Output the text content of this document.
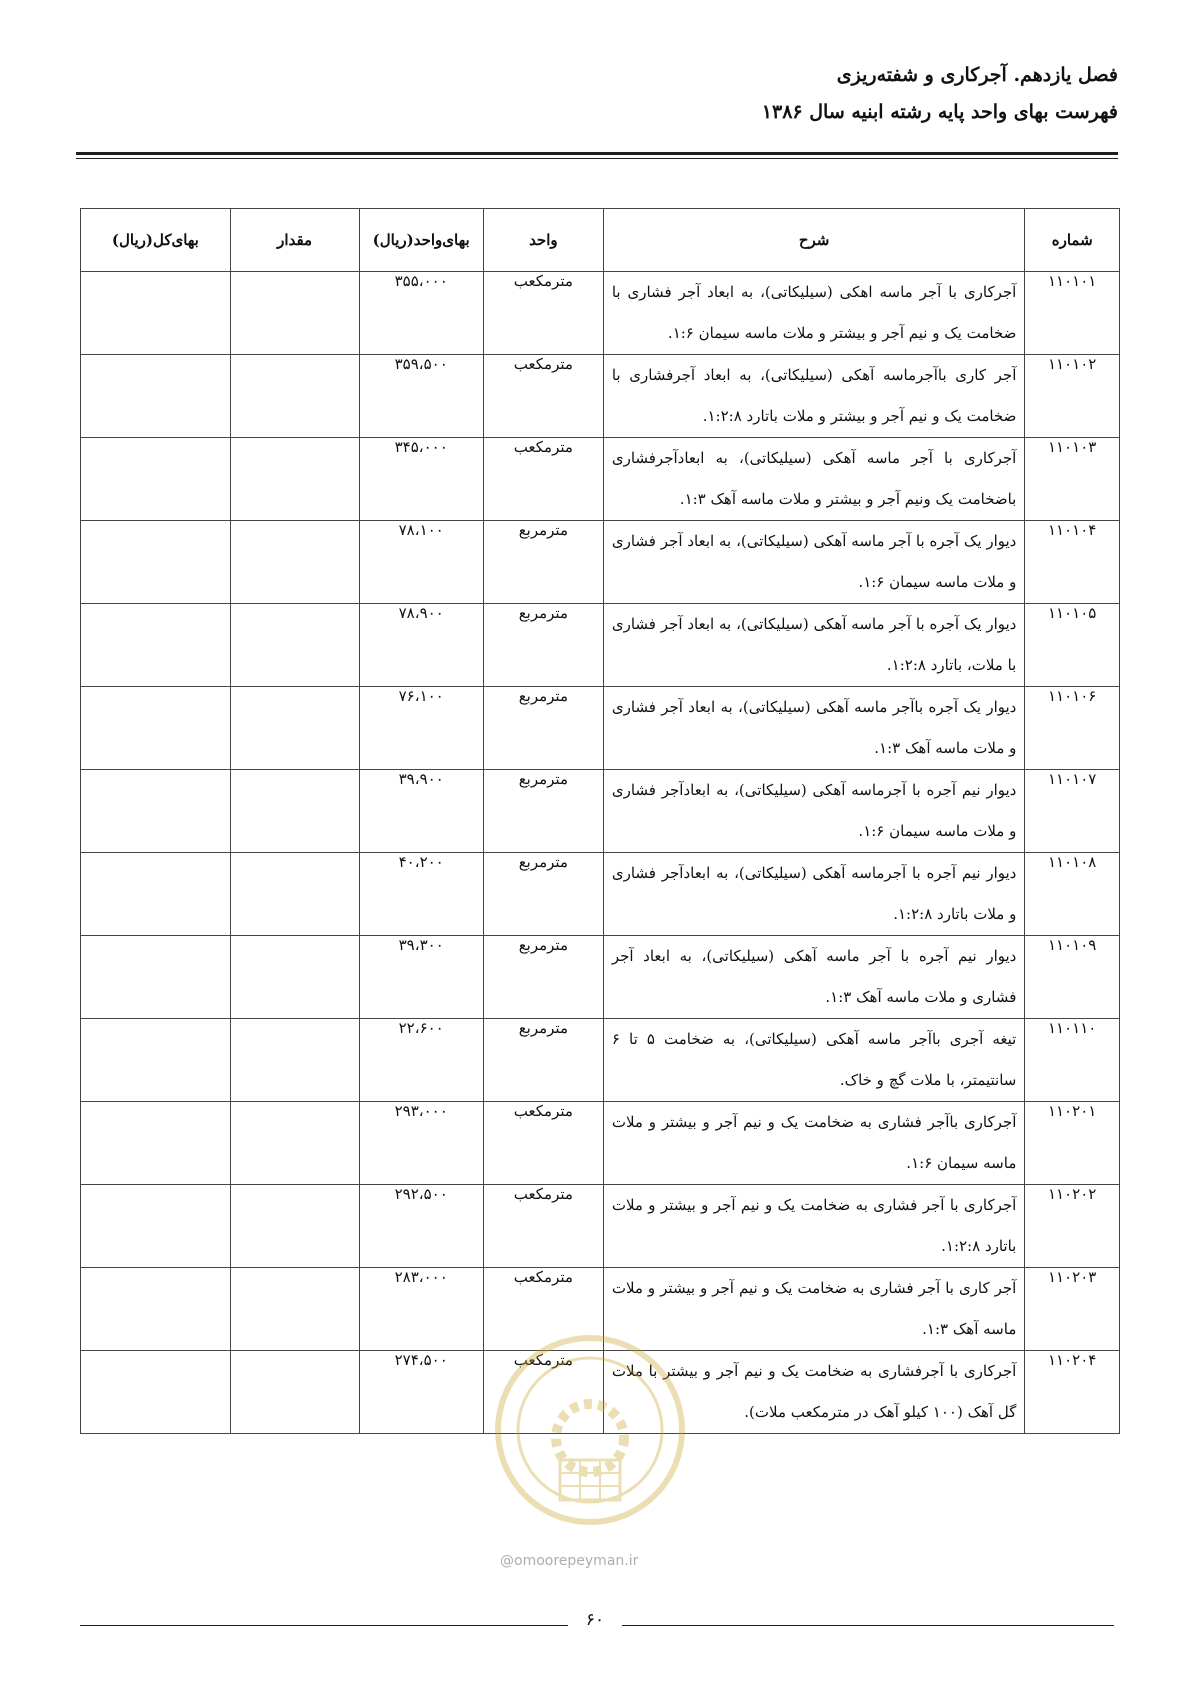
فصل یازدهم. آجرکاری و شفته‌ریزی
فهرست بهای واحد پایه رشته ابنیه سال ۱۳۸۶
شماره	شرح	واحد	بهای‌واحد(ریال)	مقدار	بهای‌کل(ریال)
۱۱۰۱۰۱	آجرکاری با آجر ماسه اهکی (سیلیکاتی)، به ابعاد آجر فشاری با ضخامت یک و نیم آجر و بیشتر و ملات ماسه سیمان ۱:۶.	مترمکعب	۳۵۵،۰۰۰		
۱۱۰۱۰۲	آجر کاری باآجرماسه آهکی (سیلیکاتی)، به ابعاد آجرفشاری با ضخامت یک و نیم آجر و بیشتر و ملات باتارد ۱:۲:۸.	مترمکعب	۳۵۹،۵۰۰		
۱۱۰۱۰۳	آجرکاری با آجر ماسه آهکی (سیلیکاتی)، به ابعادآجرفشاری باضخامت یک ونیم آجر و بیشتر و ملات ماسه آهک ۱:۳.	مترمکعب	۳۴۵،۰۰۰		
۱۱۰۱۰۴	دیوار یک آجره با آجر ماسه آهکی (سیلیکاتی)، به ابعاد آجر فشاری و ملات ماسه سیمان ۱:۶.	مترمربع	۷۸،۱۰۰		
۱۱۰۱۰۵	دیوار یک آجره با آجر ماسه آهکی (سیلیکاتی)، به ابعاد آجر فشاری با ملات، باتارد ۱:۲:۸.	مترمربع	۷۸،۹۰۰		
۱۱۰۱۰۶	دیوار یک آجره باآجر ماسه آهکی (سیلیکاتی)، به ابعاد آجر فشاری و ملات ماسه آهک ۱:۳.	مترمربع	۷۶،۱۰۰		
۱۱۰۱۰۷	دیوار نیم آجره با آجرماسه آهکی (سیلیکاتی)، به ابعادآجر فشاری و ملات ماسه سیمان ۱:۶.	مترمربع	۳۹،۹۰۰		
۱۱۰۱۰۸	دیوار نیم آجره با آجرماسه آهکی (سیلیکاتی)، به ابعادآجر فشاری و ملات باتارد ۱:۲:۸.	مترمربع	۴۰،۲۰۰		
۱۱۰۱۰۹	دیوار نیم آجره با آجر ماسه آهکی (سیلیکاتی)، به ابعاد آجر فشاری و ملات ماسه آهک ۱:۳.	مترمربع	۳۹،۳۰۰		
۱۱۰۱۱۰	تیغه آجری باآجر ماسه آهکی (سیلیکاتی)، به ضخامت ۵ تا ۶ سانتیمتر، با ملات گچ و خاک.	مترمربع	۲۲،۶۰۰		
۱۱۰۲۰۱	آجرکاری باآجر فشاری به ضخامت یک و نیم آجر و بیشتر و ملات ماسه سیمان ۱:۶.	مترمکعب	۲۹۳،۰۰۰		
۱۱۰۲۰۲	آجرکاری با آجر فشاری به ضخامت یک و نیم آجر و بیشتر و ملات باتارد ۱:۲:۸.	مترمکعب	۲۹۲،۵۰۰		
۱۱۰۲۰۳	آجر کاری با آجر فشاری به ضخامت یک و نیم آجر و بیشتر و ملات ماسه آهک ۱:۳.	مترمکعب	۲۸۳،۰۰۰		
۱۱۰۲۰۴	آجرکاری با آجرفشاری به ضخامت یک و نیم آجر و بیشتر با ملات گل آهک (۱۰۰ کیلو آهک در مترمکعب ملات).	مترمکعب	۲۷۴،۵۰۰		
@omoorepeyman.ir
۶۰
